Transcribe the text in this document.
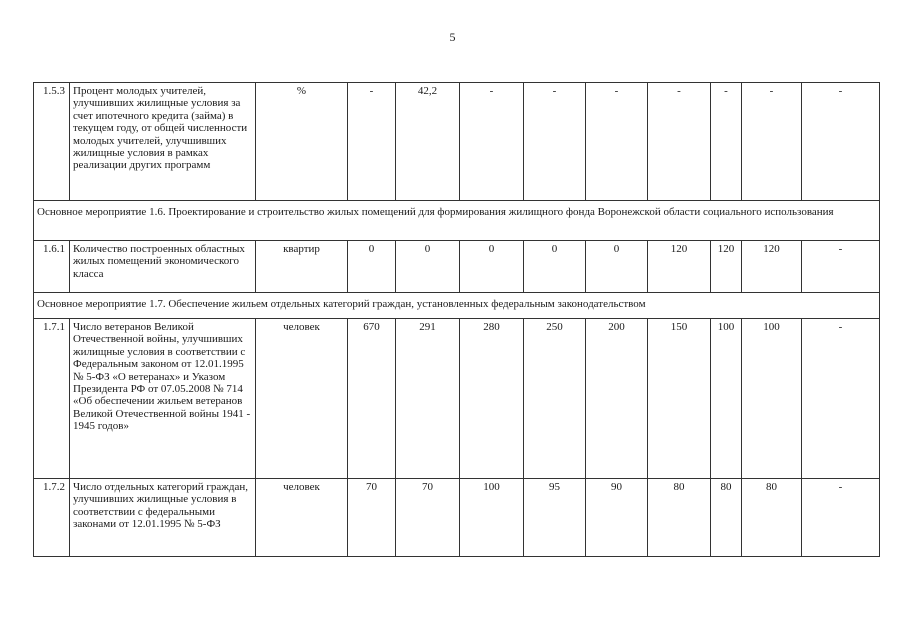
5
1.5.3	Процент молодых учителей, улучшивших жилищные условия за счет ипотечного кредита (займа) в текущем году, от общей численности молодых учителей, улучшивших жилищные условия в рамках реализации других программ	%	-	42,2	-	-	-	-	-	-	-
Основное мероприятие 1.6. Проектирование и строительство жилых помещений для формирования жилищного фонда Воронежской области социального использования											
1.6.1	Количество построенных областных жилых помещений экономического класса	квартир	0	0	0	0	0	120	120	120	-
Основное мероприятие 1.7. Обеспечение жильем отдельных категорий граждан, установленных федеральным законодательством											
1.7.1	Число ветеранов Великой Отечественной войны, улучшивших жилищные условия в соответствии с Федеральным законом от 12.01.1995 № 5-ФЗ «О ветеранах» и Указом Президента РФ от 07.05.2008 № 714 «Об обеспечении жильем ветеранов Великой Отечественной войны 1941 - 1945 годов»	человек	670	291	280	250	200	150	100	100	-
1.7.2	Число отдельных категорий граждан, улучшивших жилищные условия в соответствии с федеральными законами от 12.01.1995 № 5-ФЗ	человек	70	70	100	95	90	80	80	80	-
